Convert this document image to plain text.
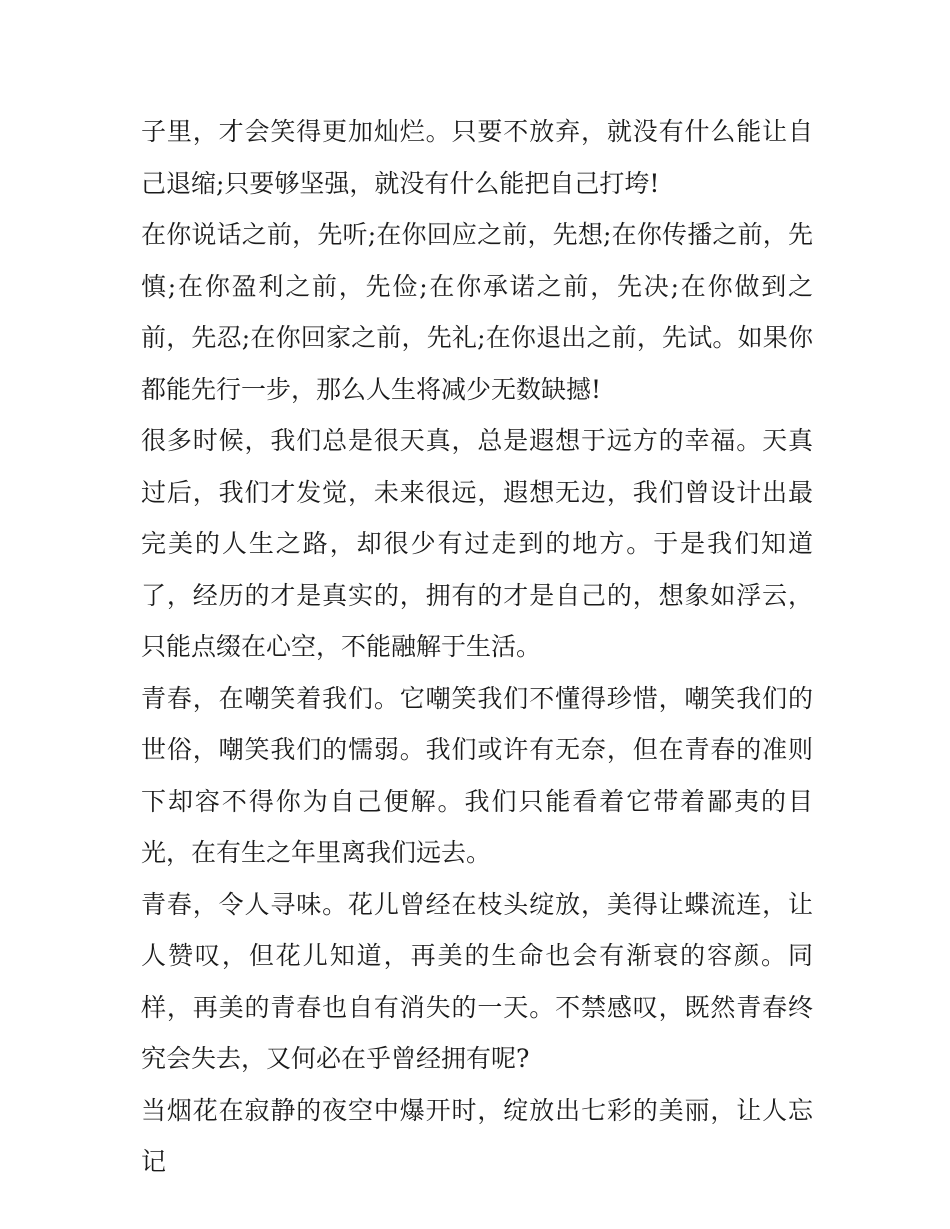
子里，才会笑得更加灿烂。只要不放弃，就没有什么能让自己退缩;只要够坚强，就没有什么能把自己打垮!

在你说话之前，先听;在你回应之前，先想;在你传播之前，先慎;在你盈利之前，先俭;在你承诺之前，先决;在你做到之前，先忍;在你回家之前，先礼;在你退出之前，先试。如果你都能先行一步，那么人生将减少无数缺撼!

很多时候，我们总是很天真，总是遐想于远方的幸福。天真过后，我们才发觉，未来很远，遐想无边，我们曾设计出最完美的人生之路，却很少有过走到的地方。于是我们知道了，经历的才是真实的，拥有的才是自己的，想象如浮云，只能点缀在心空，不能融解于生活。

青春，在嘲笑着我们。它嘲笑我们不懂得珍惜，嘲笑我们的世俗，嘲笑我们的懦弱。我们或许有无奈，但在青春的准则下却容不得你为自己便解。我们只能看着它带着鄙夷的目光，在有生之年里离我们远去。

青春，令人寻味。花儿曾经在枝头绽放，美得让蝶流连，让人赞叹，但花儿知道，再美的生命也会有渐衰的容颜。同样，再美的青春也自有消失的一天。不禁感叹，既然青春终究会失去，又何必在乎曾经拥有呢?

当烟花在寂静的夜空中爆开时，绽放出七彩的美丽，让人忘记
